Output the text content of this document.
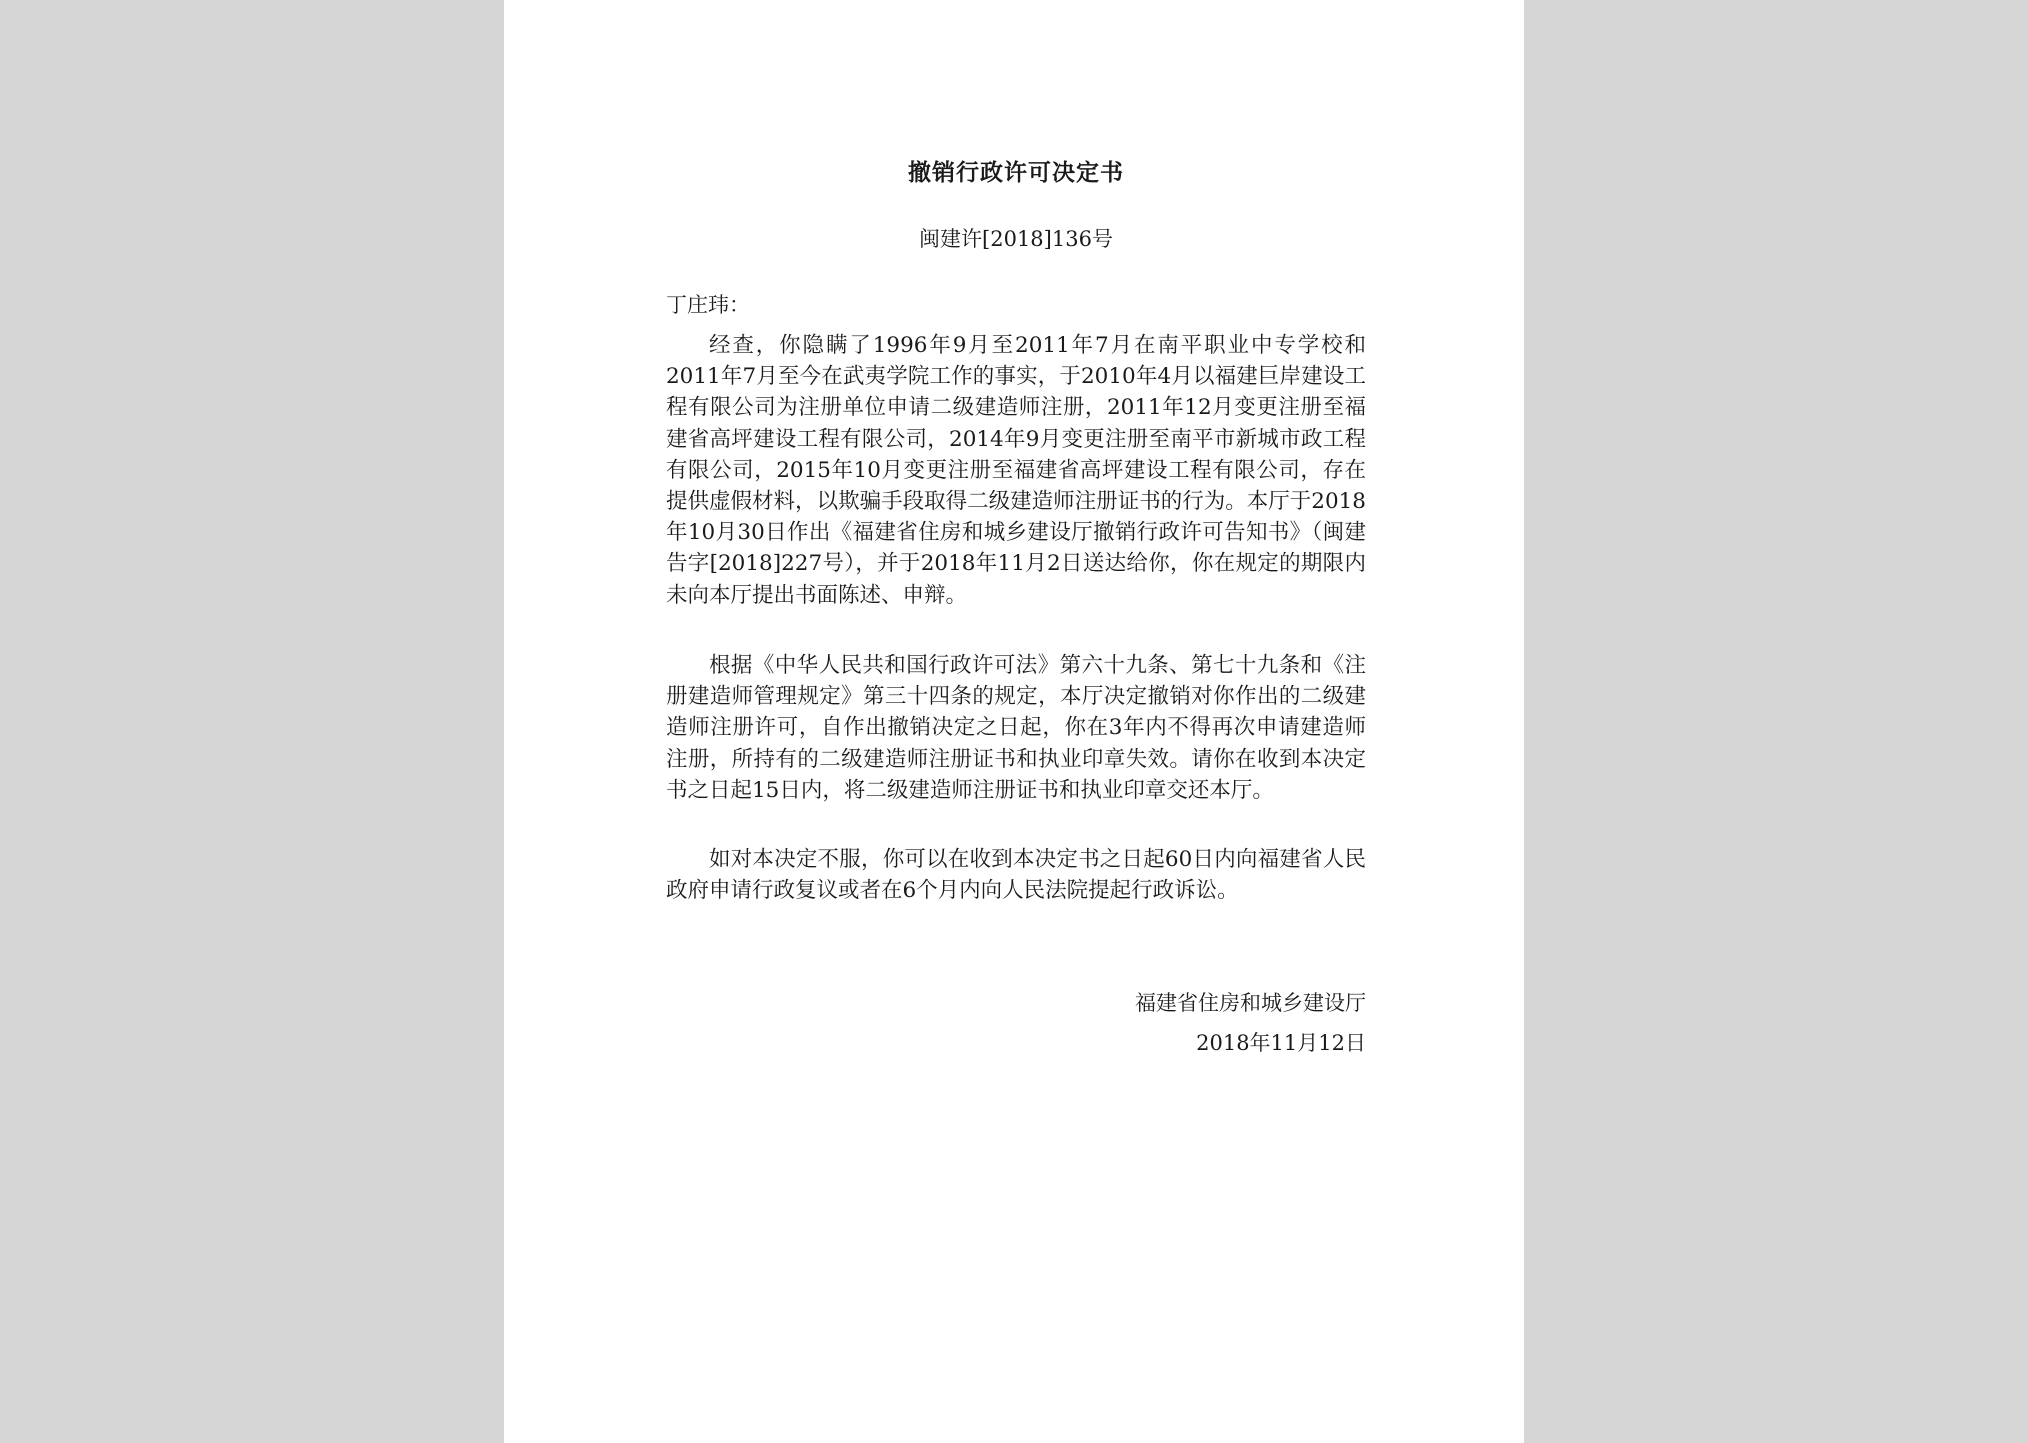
撤销行政许可决定书
闽建许[2018]136号
丁庄玮：

经查，你隐瞒了1996年9月至2011年7月在南平职业中专学校和2011年7月至今在武夷学院工作的事实，于2010年4月以福建巨岸建设工程有限公司为注册单位申请二级建造师注册，2011年12月变更注册至福建省高坪建设工程有限公司，2014年9月变更注册至南平市新城市政工程有限公司，2015年10月变更注册至福建省高坪建设工程有限公司，存在提供虚假材料，以欺骗手段取得二级建造师注册证书的行为。本厅于2018年10月30日作出《福建省住房和城乡建设厅撤销行政许可告知书》（闽建告字[2018]227号），并于2018年11月2日送达给你，你在规定的期限内未向本厅提出书面陈述、申辩。

根据《中华人民共和国行政许可法》第六十九条、第七十九条和《注册建造师管理规定》第三十四条的规定，本厅决定撤销对你作出的二级建造师注册许可，自作出撤销决定之日起，你在3年内不得再次申请建造师注册，所持有的二级建造师注册证书和执业印章失效。请你在收到本决定书之日起15日内，将二级建造师注册证书和执业印章交还本厅。

如对本决定不服，你可以在收到本决定书之日起60日内向福建省人民政府申请行政复议或者在6个月内向人民法院提起行政诉讼。

福建省住房和城乡建设厅
2018年11月12日
